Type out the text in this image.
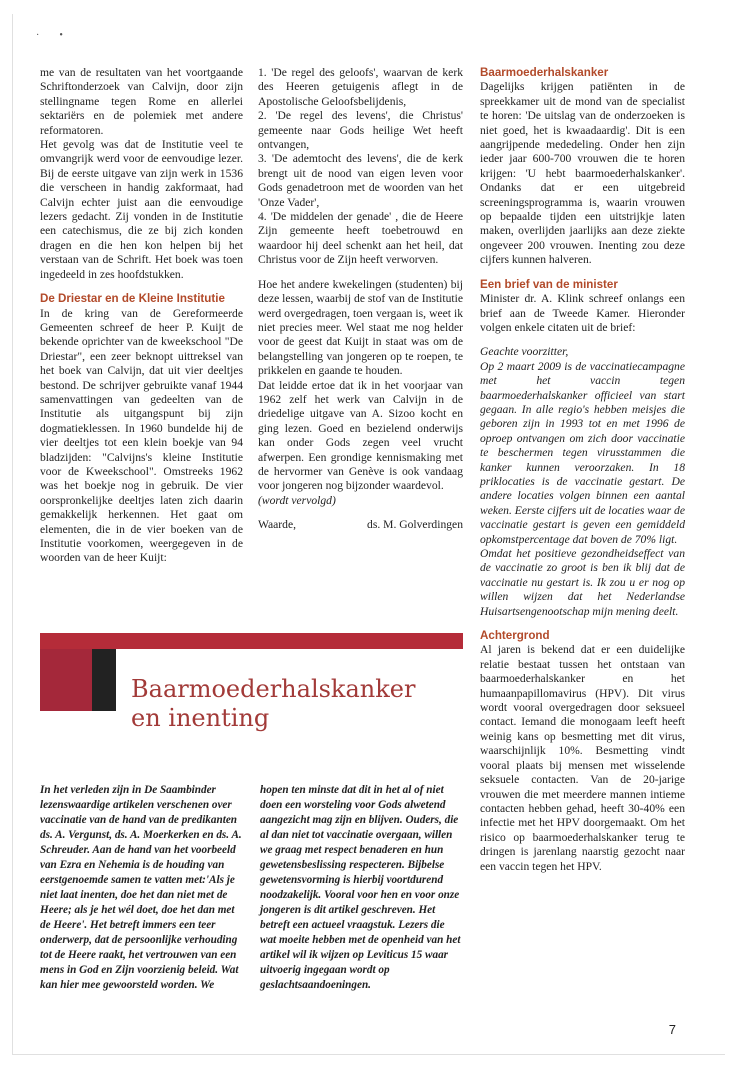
·        •

me van de resultaten van het voortgaande Schriftonderzoek van Calvijn, door zijn stellingname tegen Rome en allerlei sektariërs en de polemiek met andere reformatoren.

Het gevolg was dat de Institutie veel te omvangrijk werd voor de eenvoudige lezer. Bij de eerste uitgave van zijn werk in 1536 die verscheen in handig zakformaat, had Calvijn echter juist aan die eenvoudige lezers gedacht. Zij vonden in de Institutie een catechismus, die ze bij zich konden dragen en die hen kon helpen bij het verstaan van de Schrift. Het boek was toen ingedeeld in zes hoofdstukken.

De Driestar en de Kleine Institutie

In de kring van de Gereformeerde Gemeenten schreef de heer P. Kuijt de bekende oprichter van de kweekschool "De Driestar", een zeer beknopt uittreksel van het boek van Calvijn, dat uit vier deeltjes bestond. De schrijver gebruikte vanaf 1944 samenvattingen van gedeelten van de Institutie als uitgangspunt bij zijn dogmatieklessen. In 1960 bundelde hij de vier deeltjes tot een klein boekje van 94 bladzijden: "Calvijns's kleine Institutie voor de Kweekschool". Omstreeks 1962 was het boekje nog in gebruik. De vier oorspronkelijke deeltjes laten zich daarin gemakkelijk herkennen. Het gaat om elementen, die in de vier boeken van de Institutie voorkomen, weergegeven in de woorden van de heer Kuijt:

1. 'De regel des geloofs', waarvan de kerk des Heeren getuigenis aflegt in de Apostolische Geloofsbelijdenis,

2. 'De regel des levens', die Christus' gemeente naar Gods heilige Wet heeft ontvangen,

3. 'De ademtocht des levens', die de kerk brengt uit de nood van eigen leven voor Gods genadetroon met de woorden van het 'Onze Vader',

4. 'De middelen der genade' , die de Heere Zijn gemeente heeft toebetrouwd en waardoor hij deel schenkt aan het heil, dat Christus voor de Zijn heeft verworven.

Hoe het andere kwekelingen (studenten) bij deze lessen, waarbij de stof van de Institutie werd overgedragen, toen vergaan is, weet ik niet precies meer. Wel staat me nog helder voor de geest dat Kuijt in staat was om de belangstelling van jongeren op te roepen, te prikkelen en gaande te houden.

Dat leidde ertoe dat ik in het voorjaar van 1962 zelf het werk van Calvijn in de driedelige uitgave van A. Sizoo kocht en ging lezen. Goed en bezielend onderwijs kan onder Gods zegen veel vrucht afwerpen. Een grondige kennismaking met de hervormer van Genève is ook vandaag voor jongeren nog bijzonder waardevol.

(wordt vervolgd)

Waarde,	ds. M. Golverdingen
Baarmoederhalskanker

Dagelijks krijgen patiënten in de spreekkamer uit de mond van de specialist te horen: 'De uitslag van de onderzoeken is niet goed, het is kwaadaardig'. Dit is een aangrijpende mededeling. Onder hen zijn ieder jaar 600-700 vrouwen die te horen krijgen: 'U hebt baarmoederhalskanker'. Ondanks dat er een uitgebreid screeningsprogramma is, waarin vrouwen op bepaalde tijden een uitstrijkje laten maken, overlijden jaarlijks aan deze ziekte ongeveer 200 vrouwen. Inenting zou deze cijfers kunnen halveren.

Een brief van de minister

Minister dr. A. Klink schreef onlangs een brief aan de Tweede Kamer. Hieronder volgen enkele citaten uit de brief:

Geachte voorzitter,

Op 2 maart 2009 is de vaccinatiecampagne met het vaccin tegen baarmoederhalskanker officieel van start gegaan. In alle regio's hebben meisjes die geboren zijn in 1993 tot en met 1996 de oproep ontvangen om zich door vaccinatie te beschermen tegen virusstammen die kanker kunnen veroorzaken. In 18 priklocaties is de vaccinatie gestart. De andere locaties volgen binnen een aantal weken. Eerste cijfers uit de locaties waar de vaccinatie gestart is geven een gemiddeld opkomstpercentage dat boven de 70% ligt.

Omdat het positieve gezondheidseffect van de vaccinatie zo groot is ben ik blij dat de vaccinatie nu gestart is. Ik zou u er nog op willen wijzen dat het Nederlandse Huisartsengenootschap mijn mening deelt.

Achtergrond

Al jaren is bekend dat er een duidelijke relatie bestaat tussen het ontstaan van baarmoederhalskanker en het humaanpapillomavirus (HPV). Dit virus wordt vooral overgedragen door seksueel contact. Iemand die monogaam leeft heeft weinig kans op besmetting met dit virus, waarschijnlijk 10%. Besmetting vindt vooral plaats bij mensen met wisselende seksuele contacten. Van de 20-jarige vrouwen die met meerdere mannen intieme contacten hebben gehad, heeft 30-40% een infectie met het HPV doorgemaakt. Om het risico op baarmoederhalskanker terug te dringen is jarenlang naarstig gezocht naar een vaccin tegen het HPV.

Baarmoederhalskanker
en inenting
In het verleden zijn in De Saambinder lezenswaardige artikelen verschenen over vaccinatie van de hand van de predikanten ds. A. Vergunst, ds. A. Moerkerken en ds. A. Schreuder. Aan de hand van het voorbeeld van Ezra en Nehemia is de houding van eerstgenoemde samen te vatten met:'Als je niet laat inenten, doe het dan niet met de Heere; als je het wél doet, doe het dan met de Heere'. Het betreft immers een teer onderwerp, dat de persoonlijke verhouding tot de Heere raakt, het vertrouwen van een mens in God en Zijn voorzienig beleid. Wat kan hier mee gewoorsteld worden. We
hopen ten minste dat dit in het al of niet doen een worsteling voor Gods alwetend aangezicht mag zijn en blijven. Ouders, die al dan niet tot vaccinatie overgaan, willen we graag met respect benaderen en hun gewetensbeslissing respecteren. Bijbelse gewetensvorming is hierbij voortdurend noodzakelijk. Vooral voor hen en voor onze jongeren is dit artikel geschreven. Het betreft een actueel vraagstuk. Lezers die wat moeite hebben met de openheid van het artikel wil ik wijzen op Leviticus 15 waar uitvoerig ingegaan wordt op geslachtsaandoeningen.
7
